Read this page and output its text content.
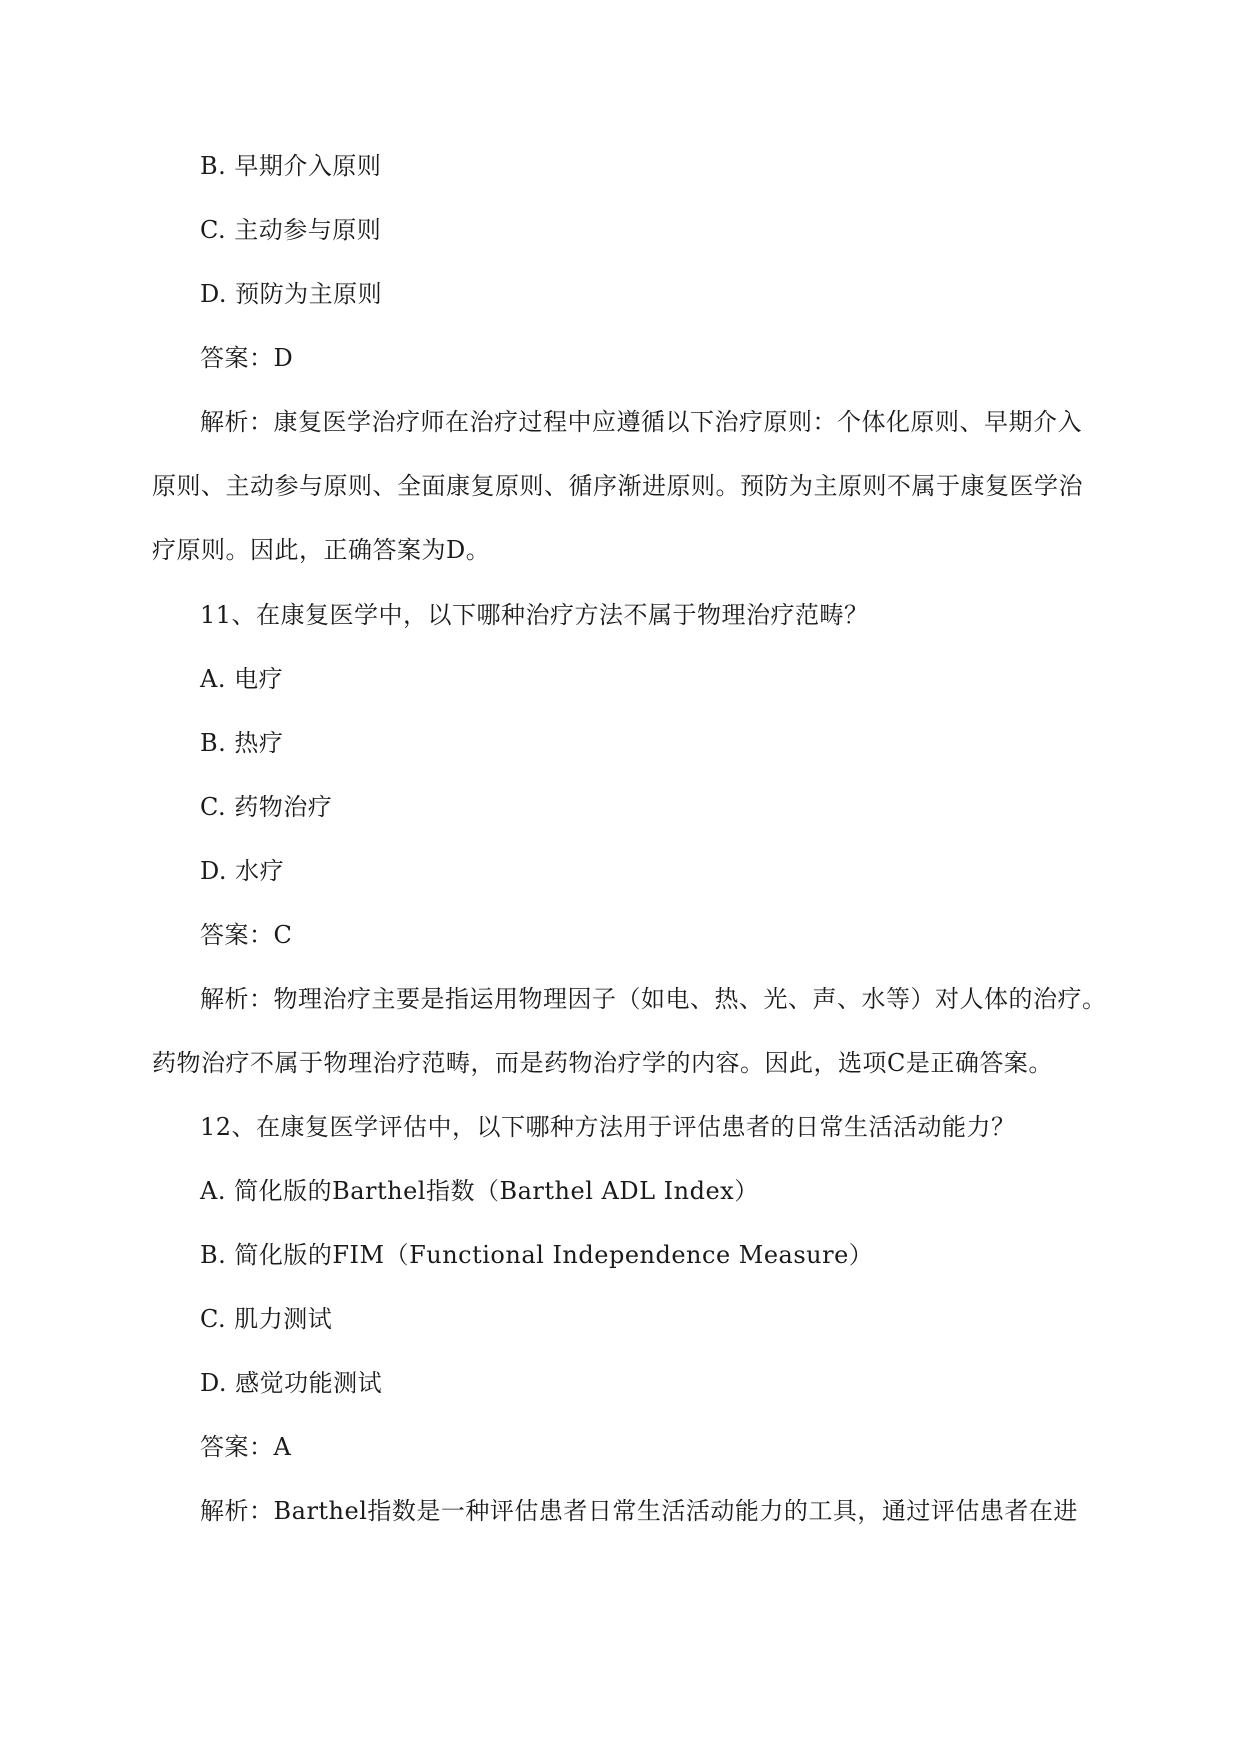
B. 早期介入原则
C. 主动参与原则
D. 预防为主原则
答案：D
解析：康复医学治疗师在治疗过程中应遵循以下治疗原则：个体化原则、早期介入
原则、主动参与原则、全面康复原则、循序渐进原则。预防为主原则不属于康复医学治
疗原则。因此，正确答案为D。
11、在康复医学中，以下哪种治疗方法不属于物理治疗范畴？
A. 电疗
B. 热疗
C. 药物治疗
D. 水疗
答案：C
解析：物理治疗主要是指运用物理因子（如电、热、光、声、水等）对人体的治疗。
药物治疗不属于物理治疗范畴，而是药物治疗学的内容。因此，选项C是正确答案。
12、在康复医学评估中，以下哪种方法用于评估患者的日常生活活动能力？
A. 简化版的Barthel指数（Barthel ADL Index）
B. 简化版的FIM（Functional Independence Measure）
C. 肌力测试
D. 感觉功能测试
答案：A
解析：Barthel指数是一种评估患者日常生活活动能力的工具，通过评估患者在进
